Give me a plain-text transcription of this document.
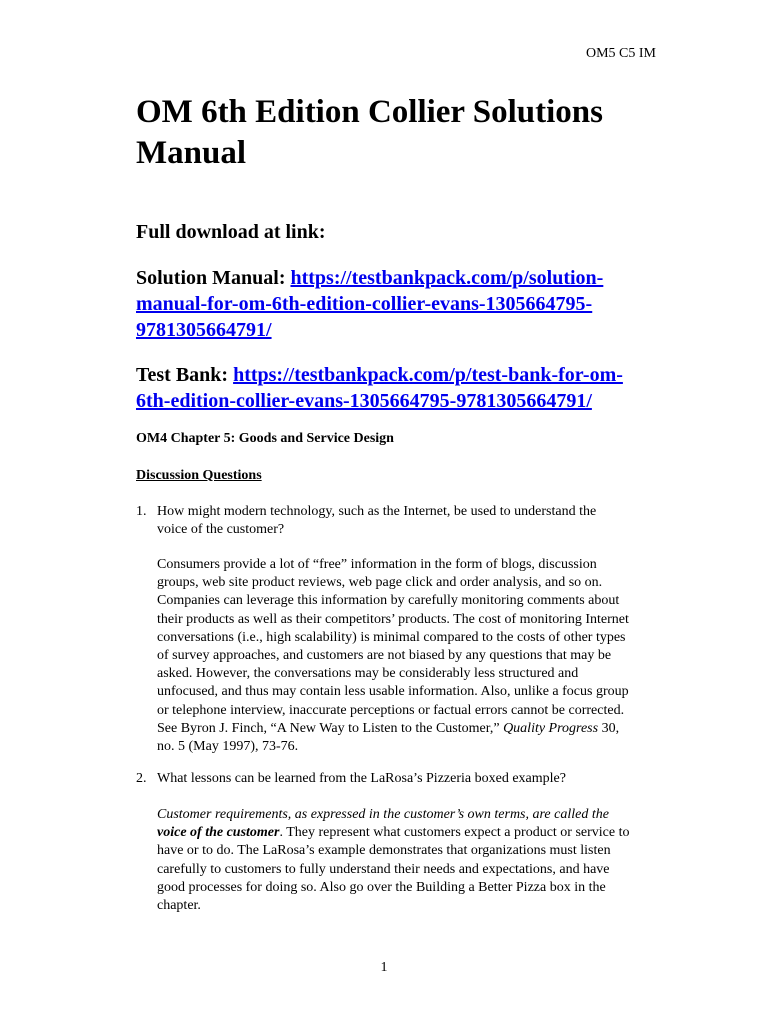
OM5 C5 IM
OM 6th Edition Collier Solutions Manual
Full download at link:
Solution Manual: https://testbankpack.com/p/solution-
manual-for-om-6th-edition-collier-evans-1305664795-
9781305664791/
Test Bank: https://testbankpack.com/p/test-bank-for-om-
6th-edition-collier-evans-1305664795-9781305664791/
OM4 Chapter 5: Goods and Service Design
Discussion Questions
1. How might modern technology, such as the Internet, be used to understand the
voice of the customer?
Consumers provide a lot of “free” information in the form of blogs, discussion groups, web site product reviews, web page click and order analysis, and so on. Companies can leverage this information by carefully monitoring comments about their products as well as their competitors’ products. The cost of monitoring Internet conversations (i.e., high scalability) is minimal compared to the costs of other types of survey approaches, and customers are not biased by any questions that may be asked. However, the conversations may be considerably less structured and unfocused, and thus may contain less usable information. Also, unlike a focus group or telephone interview, inaccurate perceptions or factual errors cannot be corrected. See Byron J. Finch, “A New Way to Listen to the Customer,” Quality Progress 30, no. 5 (May 1997), 73-76.
2. What lessons can be learned from the LaRosa’s Pizzeria boxed example?
Customer requirements, as expressed in the customer’s own terms, are called the voice of the customer. They represent what customers expect a product or service to have or to do. The LaRosa’s example demonstrates that organizations must listen carefully to customers to fully understand their needs and expectations, and have good processes for doing so. Also go over the Building a Better Pizza box in the chapter.
1
